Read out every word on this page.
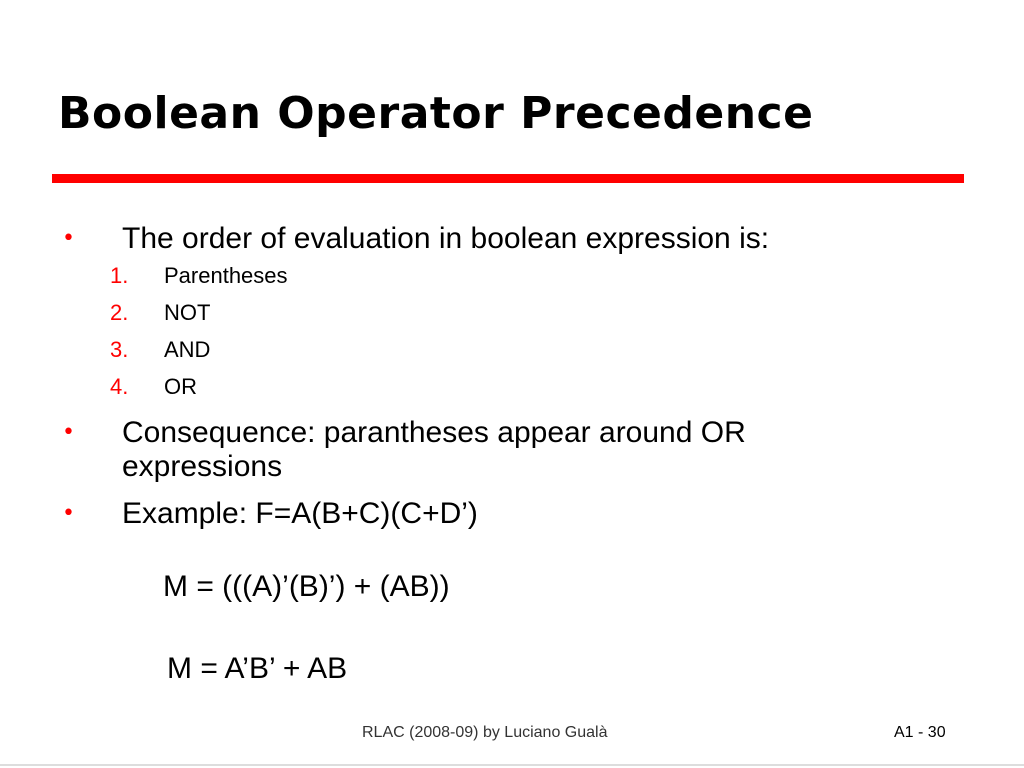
Boolean Operator Precedence
• The order of evaluation in boolean expression is:
1. Parentheses
2. NOT
3. AND
4. OR
• Consequence: parantheses appear around OR
expressions
• Example: F=A(B+C)(C+D’)
M = (((A)’(B)’) + (AB))
M = A’B’ + AB
RLAC (2008-09) by Luciano Gualà	A1 - 30
